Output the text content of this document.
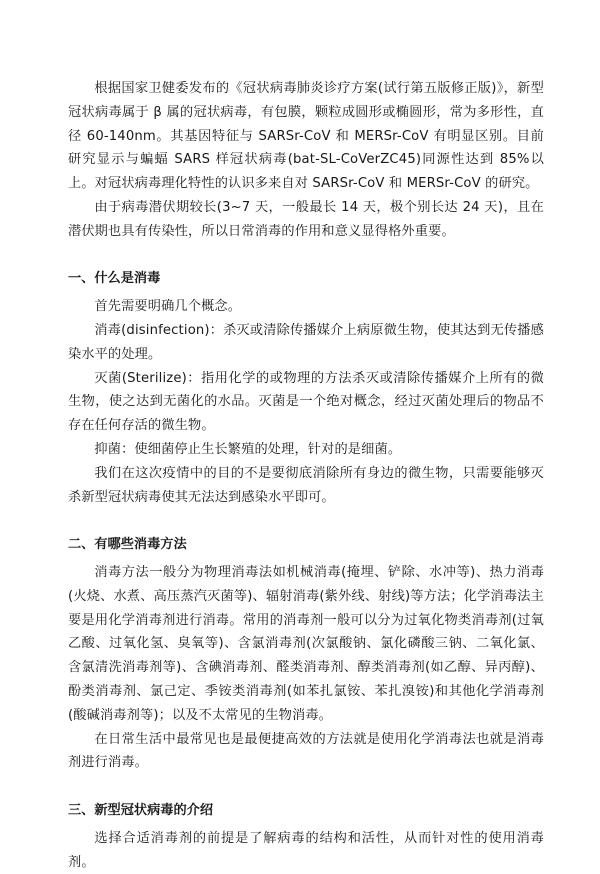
根据国家卫健委发布的《冠状病毒肺炎诊疗方案(试行第五版修正版)》，新型冠状病毒属于 β 属的冠状病毒，有包膜，颗粒成圆形或椭圆形，常为多形性，直径 60-140nm。其基因特征与 SARSr-CoV 和 MERSr-CoV 有明显区别。目前研究显示与蝙蝠 SARS 样冠状病毒(bat-SL-CoVerZC45)同源性达到 85%以上。对冠状病毒理化特性的认识多来自对 SARSr-CoV 和 MERSr-CoV 的研究。

由于病毒潜伏期较长(3~7 天，一般最长 14 天，极个别长达 24 天)，且在潜伏期也具有传染性，所以日常消毒的作用和意义显得格外重要。

一、什么是消毒

首先需要明确几个概念。

消毒(disinfection)：杀灭或清除传播媒介上病原微生物，使其达到无传播感染水平的处理。

灭菌(Sterilize)：指用化学的或物理的方法杀灭或清除传播媒介上所有的微生物，使之达到无菌化的水品。灭菌是一个绝对概念，经过灭菌处理后的物品不存在任何存活的微生物。

抑菌：使细菌停止生长繁殖的处理，针对的是细菌。

我们在这次疫情中的目的不是要彻底消除所有身边的微生物，只需要能够灭杀新型冠状病毒使其无法达到感染水平即可。

二、有哪些消毒方法

消毒方法一般分为物理消毒法如机械消毒(掩埋、铲除、水冲等)、热力消毒(火烧、水煮、高压蒸汽灭菌等)、辐射消毒(紫外线、射线)等方法；化学消毒法主要是用化学消毒剂进行消毒。常用的消毒剂一般可以分为过氧化物类消毒剂(过氧乙酸、过氧化氢、臭氧等)、含氯消毒剂(次氯酸钠、氯化磷酸三钠、二氧化氯、含氯清洗消毒剂等)、含碘消毒剂、醛类消毒剂、醇类消毒剂(如乙醇、异丙醇)、酚类消毒剂、氯己定、季铵类消毒剂(如苯扎氯铵、苯扎溴铵)和其他化学消毒剂(酸碱消毒剂等)；以及不太常见的生物消毒。

在日常生活中最常见也是最便捷高效的方法就是使用化学消毒法也就是消毒剂进行消毒。

三、新型冠状病毒的介绍

选择合适消毒剂的前提是了解病毒的结构和活性，从而针对性的使用消毒剂。
